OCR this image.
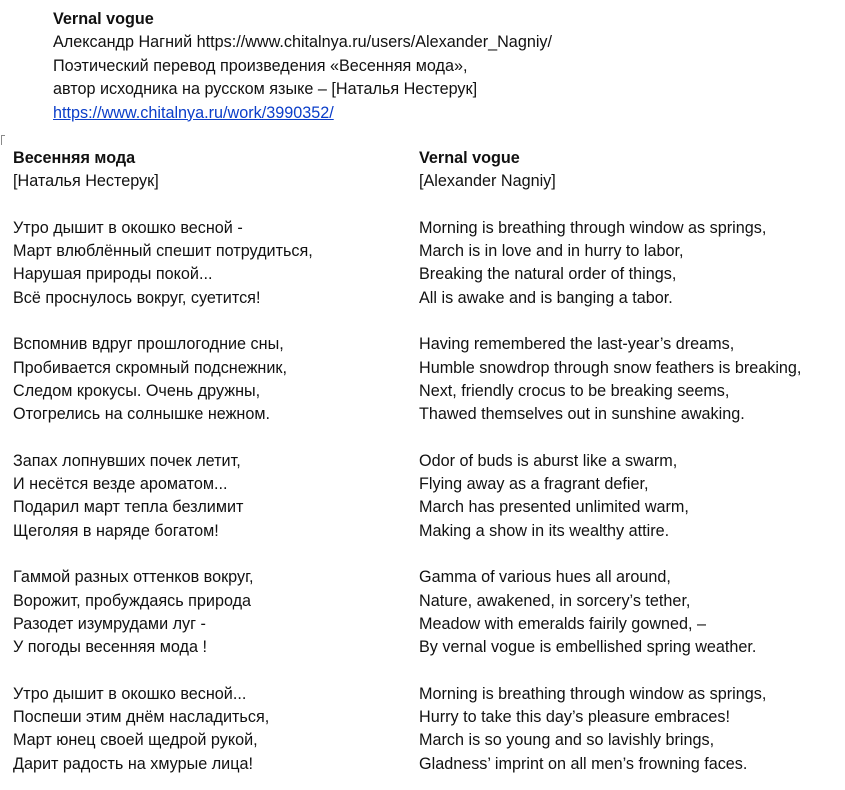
Vernal vogue
Александр Нагний https://www.chitalnya.ru/users/Alexander_Nagniy/
Поэтический перевод произведения «Весенняя мода»,
автор исходника на русском языке – [Наталья Нестерук]
https://www.chitalnya.ru/work/3990352/
Весенняя мода
[Наталья Нестерук]
Утро дышит в окошко весной -
Март влюблённый спешит потрудиться,
Нарушая природы покой...
Всё проснулось вокруг, суетится!
Вспомнив вдруг прошлогодние сны,
Пробивается скромный подснежник,
Следом крокусы. Очень дружны,
Отогрелись на солнышке нежном.
Запах лопнувших почек летит,
И несётся везде ароматом...
Подарил март тепла безлимит
Щеголяя в наряде богатом!
Гаммой разных оттенков вокруг,
Ворожит, пробуждаясь природа
Разодет изумрудами луг -
У погоды весенняя мода !
Утро дышит в окошко весной...
Поспеши этим днём насладиться,
Март юнец своей щедрой рукой,
Дарит радость на хмурые лица!
Vernal vogue
[Alexander Nagniy]
Morning is breathing through window as springs,
March is in love and in hurry to labor,
Breaking the natural order of things,
All is awake and is banging a tabor.
Having remembered the last-year’s dreams,
Humble snowdrop through snow feathers is breaking,
Next, friendly crocus to be breaking seems,
Thawed themselves out in sunshine awaking.
Odor of buds is aburst like a swarm,
Flying away as a fragrant defier,
March has presented unlimited warm,
Making a show in its wealthy attire.
Gamma of various hues all around,
Nature, awakened, in sorcery’s tether,
Meadow with emeralds fairily gowned, –
By vernal vogue is embellished spring weather.
Morning is breathing through window as springs,
Hurry to take this day’s pleasure embraces!
March is so young and so lavishly brings,
Gladness’ imprint on all men’s frowning faces.
